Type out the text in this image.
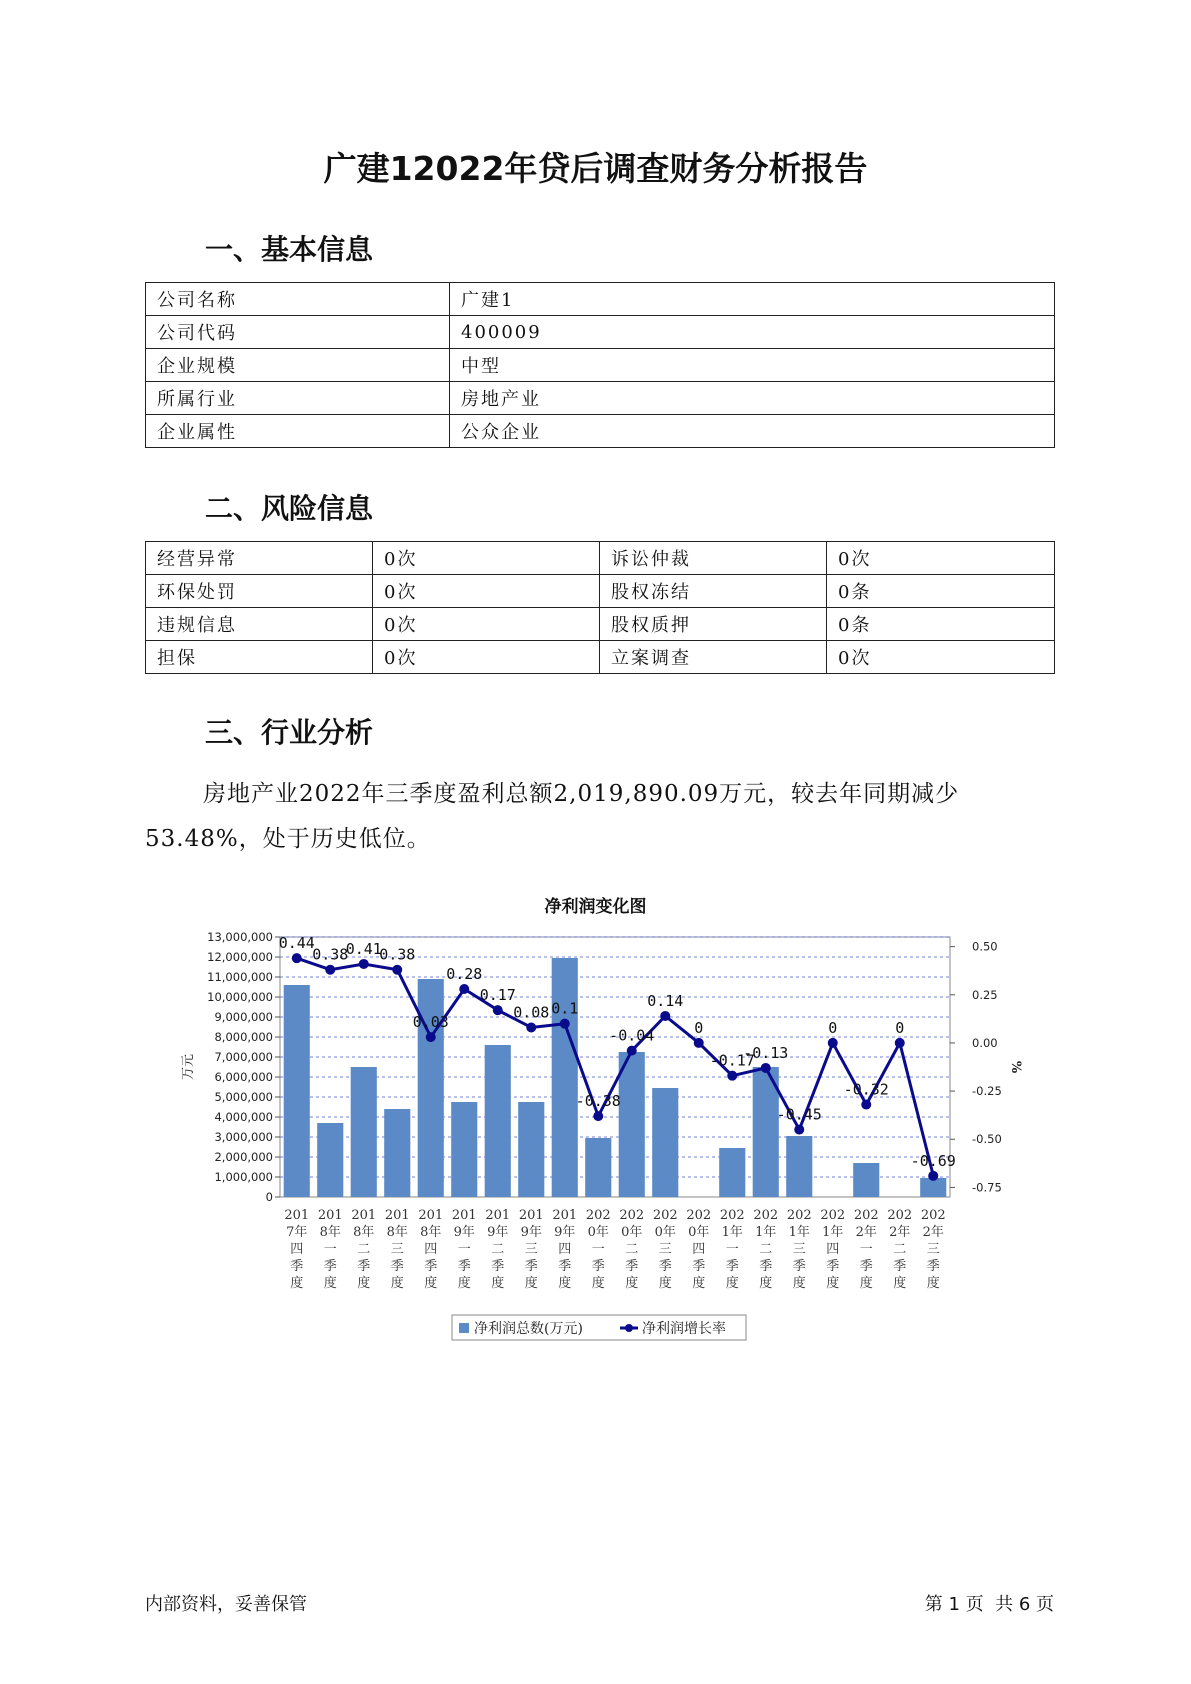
广建12022年贷后调查财务分析报告
一、基本信息
公司名称	广建1
公司代码	400009
企业规模	中型
所属行业	房地产业
企业属性	公众企业
二、风险信息
经营异常	0次	诉讼仲裁	0次
环保处罚	0次	股权冻结	0条
违规信息	0次	股权质押	0条
担保	0次	立案调查	0次
三、行业分析

房地产业2022年三季度盈利总额2,019,890.09万元，较去年同期减少53.48%，处于历史低位。

净利润变化图
0
1,000,000
2,000,000
3,000,000
4,000,000
5,000,000
6,000,000
7,000,000
8,000,000
9,000,000
10,000,000
11,000,000
12,000,000
13,000,000
-0.75
-0.50
-0.25
0.00
0.25
0.50
万元	%
0.44
0.38
0.41
0.38
0.03
0.28
0.17
0.08 0.1
-0.38
-0.04
0.14
0
-0.17
-0.13
-0.45
0
-0.32
0
-0.69
201 7年四季度
201 8年一季度
201 8年二季度
201 8年三季度
201 8年四季度
201 9年一季度
201 9年二季度
201 9年三季度
201 9年四季度
202 0年一季度
202 0年二季度
202 0年三季度
202 0年四季度
202 1年一季度
202 1年二季度
202 1年三季度
202 1年四季度
202 2年一季度
202 2年二季度
202 2年三季度
净利润总数(万元)	净利润增长率
内部资料，妥善保管	第 1 页  共 6 页
